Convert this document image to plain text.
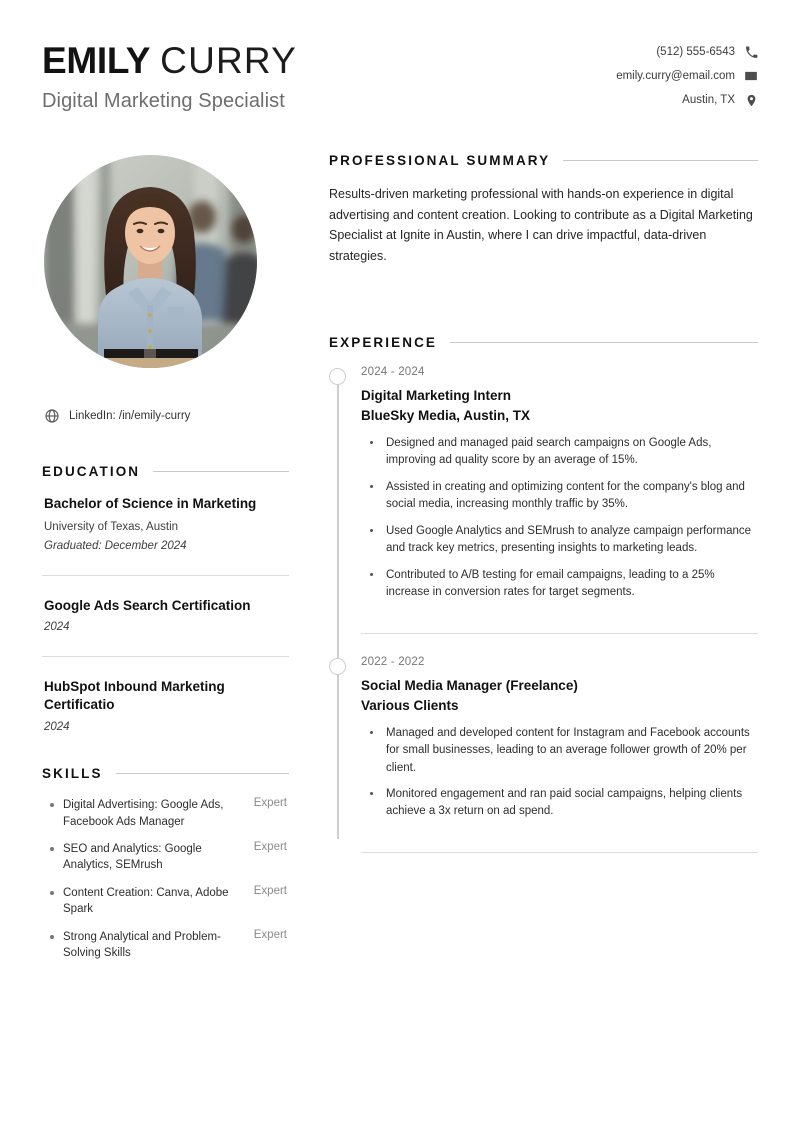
EMILY CURRY
Digital Marketing Specialist
(512) 555-6543
emily.curry@email.com
Austin, TX
LinkedIn: /in/emily-curry
EDUCATION
Bachelor of Science in Marketing
University of Texas, Austin
Graduated: December 2024
Google Ads Search Certification
2024
HubSpot Inbound Marketing Certificatio
2024
SKILLS
Digital Advertising: Google Ads, Facebook Ads Manager
Expert
SEO and Analytics: Google Analytics, SEMrush
Expert
Content Creation: Canva, Adobe Spark
Expert
Strong Analytical and Problem-Solving Skills
Expert
PROFESSIONAL SUMMARY

Results-driven marketing professional with hands-on experience in digital advertising and content creation. Looking to contribute as a Digital Marketing Specialist at Ignite in Austin, where I can drive impactful, data-driven strategies.

EXPERIENCE
2024 - 2024
Digital Marketing Intern
BlueSky Media, Austin, TX
• Designed and managed paid search campaigns on Google Ads, improving ad quality score by an average of 15%.
• Assisted in creating and optimizing content for the company's blog and social media, increasing monthly traffic by 35%.
• Used Google Analytics and SEMrush to analyze campaign performance and track key metrics, presenting insights to marketing leads.
• Contributed to A/B testing for email campaigns, leading to a 25% increase in conversion rates for target segments.
2022 - 2022
Social Media Manager (Freelance)
Various Clients
• Managed and developed content for Instagram and Facebook accounts for small businesses, leading to an average follower growth of 20% per client.
• Monitored engagement and ran paid social campaigns, helping clients achieve a 3x return on ad spend.
